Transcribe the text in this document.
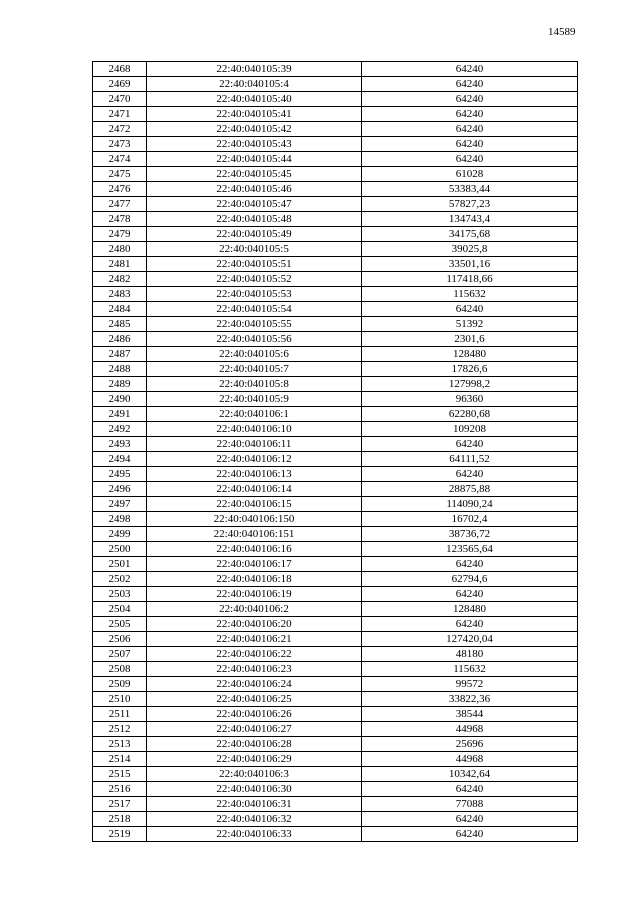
14589
2468	22:40:040105:39	64240
2469	22:40:040105:4	64240
2470	22:40:040105:40	64240
2471	22:40:040105:41	64240
2472	22:40:040105:42	64240
2473	22:40:040105:43	64240
2474	22:40:040105:44	64240
2475	22:40:040105:45	61028
2476	22:40:040105:46	53383,44
2477	22:40:040105:47	57827,23
2478	22:40:040105:48	134743,4
2479	22:40:040105:49	34175,68
2480	22:40:040105:5	39025,8
2481	22:40:040105:51	33501,16
2482	22:40:040105:52	117418,66
2483	22:40:040105:53	115632
2484	22:40:040105:54	64240
2485	22:40:040105:55	51392
2486	22:40:040105:56	2301,6
2487	22:40:040105:6	128480
2488	22:40:040105:7	17826,6
2489	22:40:040105:8	127998,2
2490	22:40:040105:9	96360
2491	22:40:040106:1	62280,68
2492	22:40:040106:10	109208
2493	22:40:040106:11	64240
2494	22:40:040106:12	64111,52
2495	22:40:040106:13	64240
2496	22:40:040106:14	28875,88
2497	22:40:040106:15	114090,24
2498	22:40:040106:150	16702,4
2499	22:40:040106:151	38736,72
2500	22:40:040106:16	123565,64
2501	22:40:040106:17	64240
2502	22:40:040106:18	62794,6
2503	22:40:040106:19	64240
2504	22:40:040106:2	128480
2505	22:40:040106:20	64240
2506	22:40:040106:21	127420,04
2507	22:40:040106:22	48180
2508	22:40:040106:23	115632
2509	22:40:040106:24	99572
2510	22:40:040106:25	33822,36
2511	22:40:040106:26	38544
2512	22:40:040106:27	44968
2513	22:40:040106:28	25696
2514	22:40:040106:29	44968
2515	22:40:040106:3	10342,64
2516	22:40:040106:30	64240
2517	22:40:040106:31	77088
2518	22:40:040106:32	64240
2519	22:40:040106:33	64240
